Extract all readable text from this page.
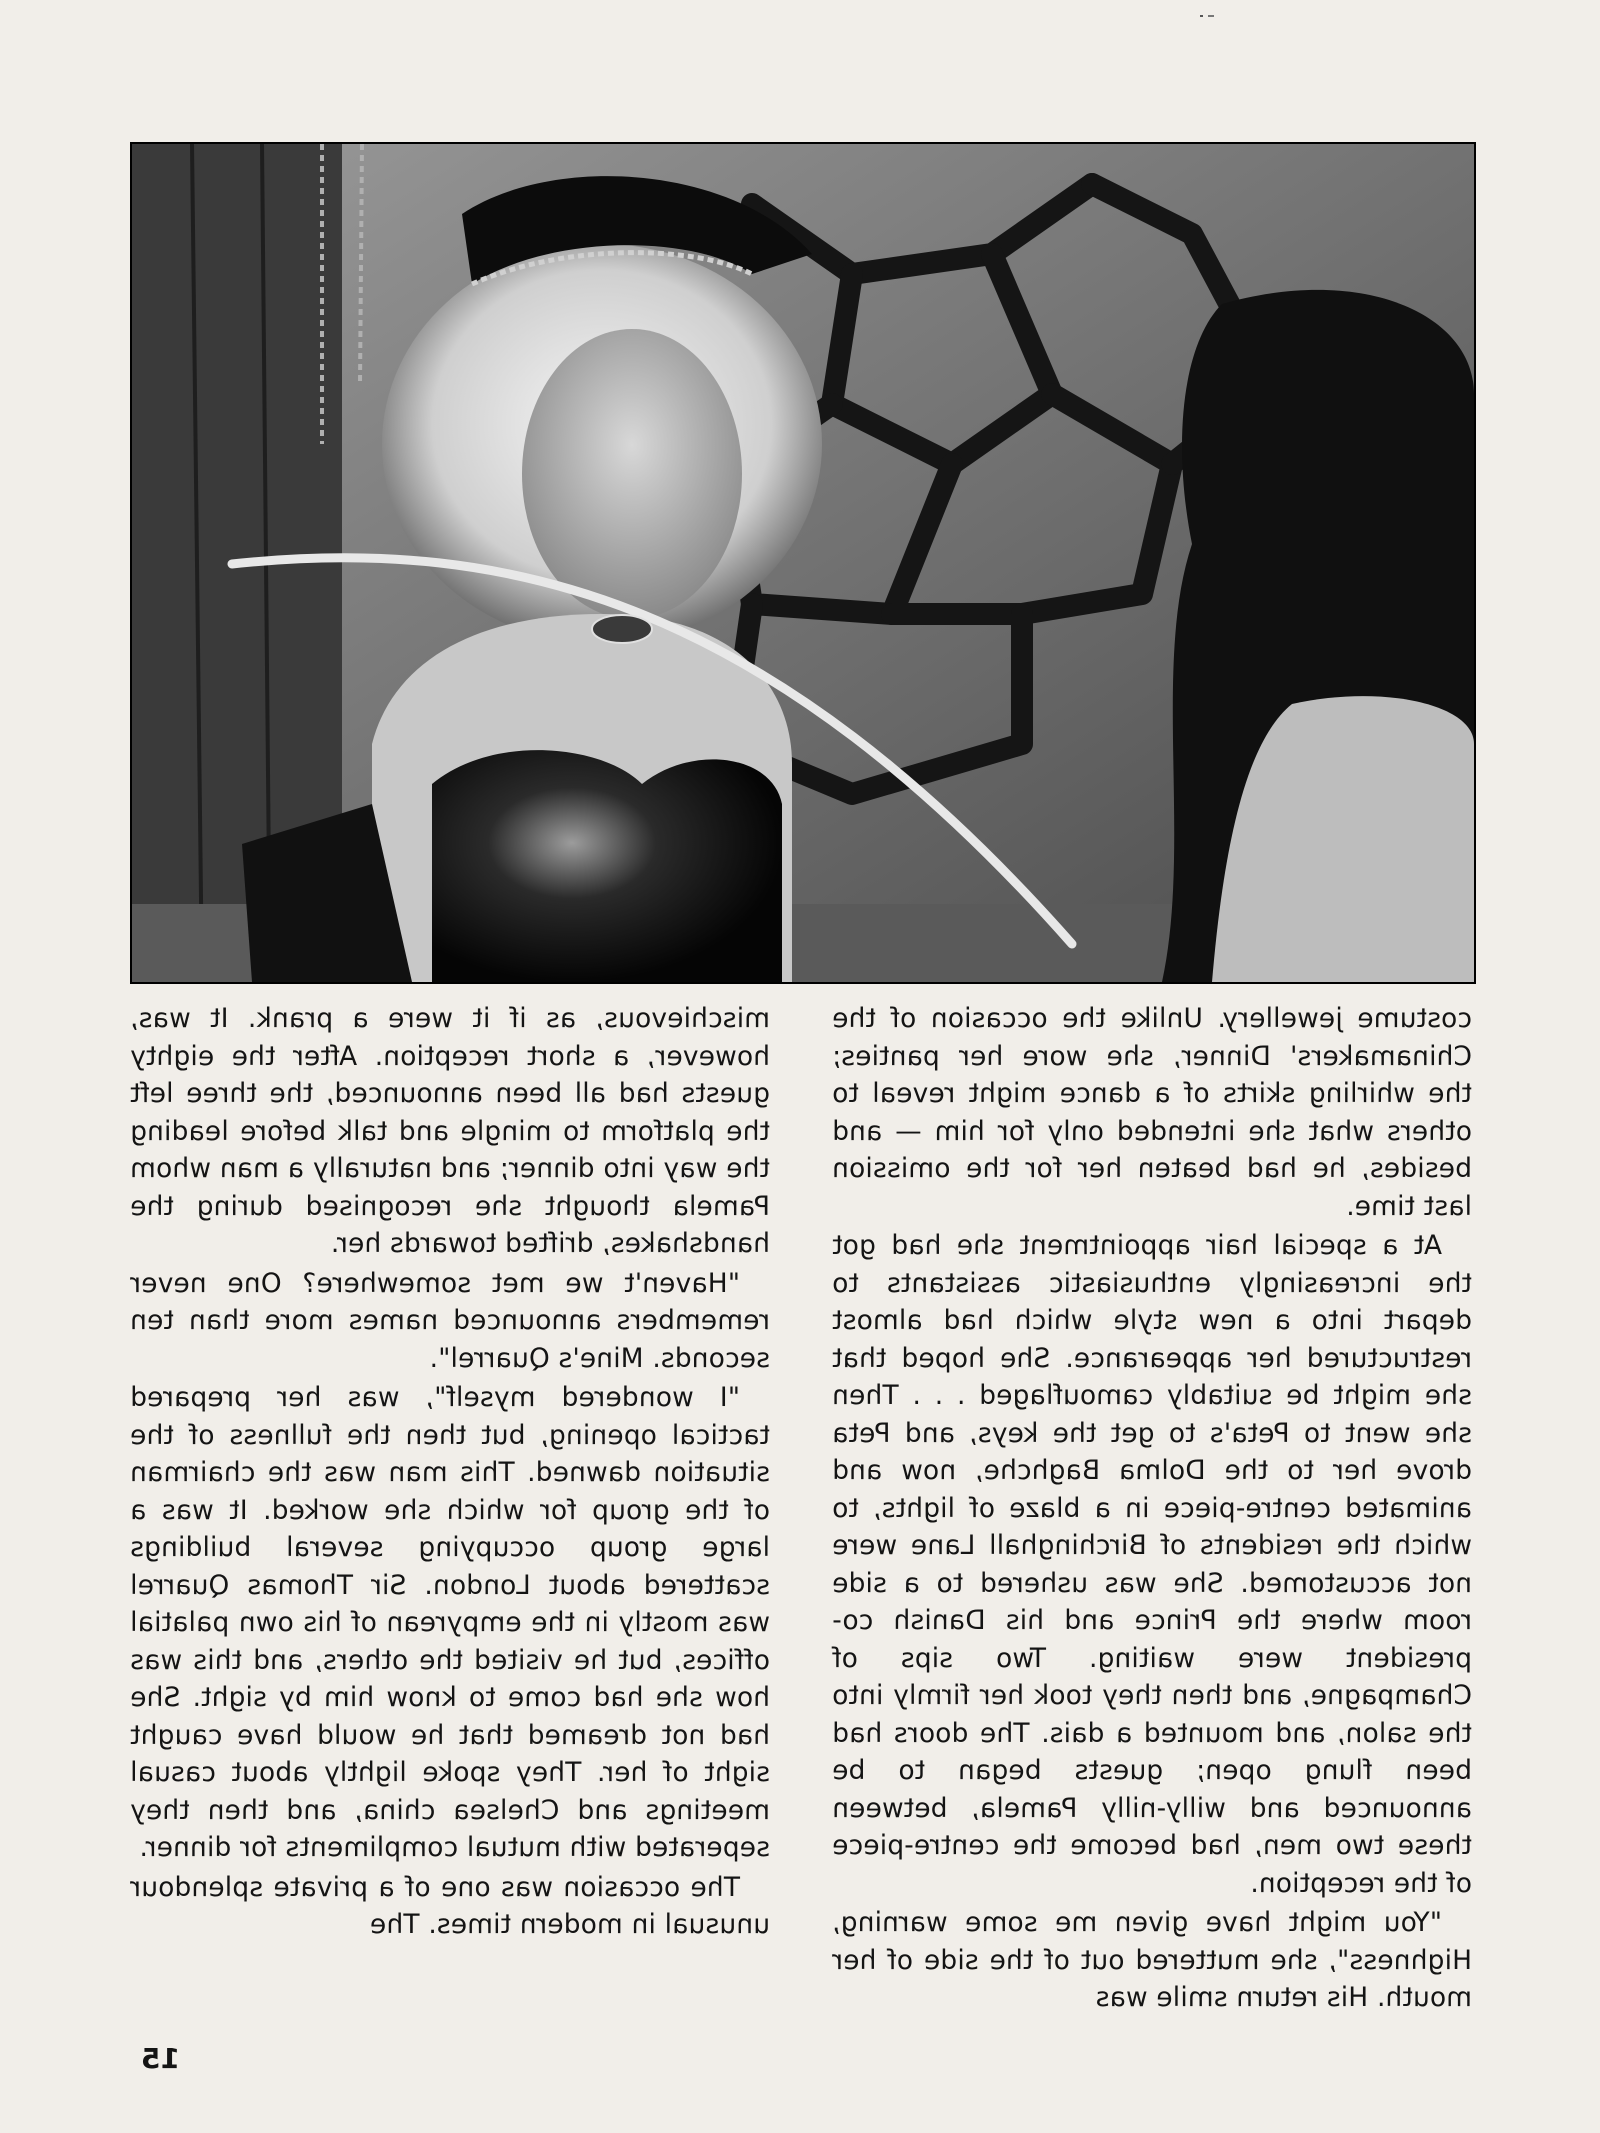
costume jewellery. Unlike the occasion of the Chinamakers' Dinner, she wore her panties; the whirling skirts of a dance might reveal to others what she intended only for him — and besides, he had beaten her for the omission last time.

At a special hair appointment she had got the increasingly enthusiastic assistants to depart into a new style which had almost restructured her appearance. She hoped that she might be suitably camouflaged . . . Then she went to Peta's to get the keys, and Peta drove her to the Dolma Baghche, now and animated centre-piece in a blaze of lights, to which the residents of Birchinghall Lane were not accustomed. She was ushered to a side room where the Prince and his Danish co-president were waiting. Two sips of Champagne, and then they took her firmly into the salon, and mounted a dais. The doors had been flung open; guests began to be announced and willy-nilly Pamela, between these two men, had become the centre-piece of the reception.

"You might have given me some warning, Highness", she muttered out of the side of her mouth. His return smile was

mischievous, as if it were a prank. It was, however, a short reception. After the eighty guests had all been announced, the three left the platform to mingle and talk before leading the way into dinner; and naturally a man whom Pamela thought she recognised during the handshakes, drifted towards her.

"Haven't we met somewhere? One never remembers announced names more than ten seconds. Mine's Quarrel".

"I wondered myself", was her prepared tactical opening, but then the fullness of the situation dawned. This man was the chairman of the group for which she worked. It was a large group occupying several buildings scattered about London. Sir Thomas Quarrel was mostly in the empyrean of his own palatial offices, but he visited the others, and this was how she had come to know him by sight. She had not dreamed that he would have caught sight of her. They spoke lightly about casual meetings and Chelsea china, and then they seperated with mutual compliments for dinner.

The occasion was one of a private splendour unusual in modern times. The

15
